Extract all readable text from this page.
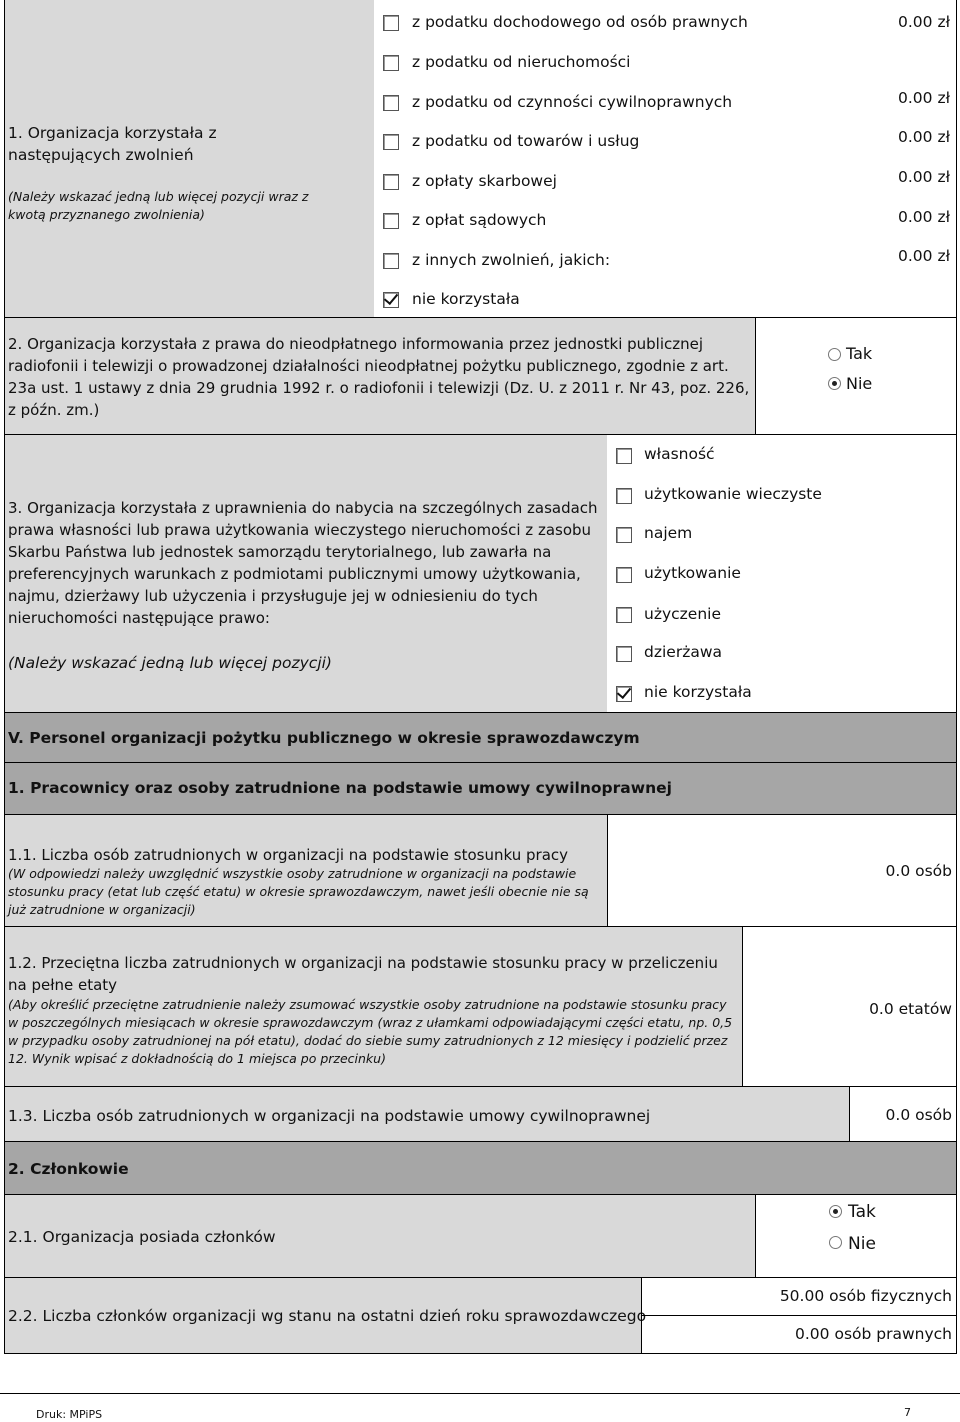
1. Organizacja korzystała z następujących zwolnień
(Należy wskazać jedną lub więcej pozycji wraz z kwotą przyznanego zwolnienia)
z podatku dochodowego od osób prawnych	0.00 zł
z podatku od nieruchomości
z podatku od czynności cywilnoprawnych	0.00 zł
z podatku od towarów i usług	0.00 zł
z opłaty skarbowej	0.00 zł
z opłat sądowych	0.00 zł
z innych zwolnień, jakich:	0.00 zł
nie korzystała
2. Organizacja korzystała z prawa do nieodpłatnego informowania przez jednostki publicznej radiofonii i telewizji o prowadzonej działalności nieodpłatnej pożytku publicznego, zgodnie z art. 23a ust. 1 ustawy z dnia 29 grudnia 1992 r. o radiofonii i telewizji (Dz. U. z 2011 r. Nr 43, poz. 226, z późn. zm.)
Tak
Nie
3. Organizacja korzystała z uprawnienia do nabycia na szczególnych zasadach prawa własności lub prawa użytkowania wieczystego nieruchomości z zasobu Skarbu Państwa lub jednostek samorządu terytorialnego, lub zawarła na preferencyjnych warunkach z podmiotami publicznymi umowy użytkowania, najmu, dzierżawy lub użyczenia i przysługuje jej w odniesieniu do tych nieruchomości następujące prawo:
(Należy wskazać jedną lub więcej pozycji)
własność
użytkowanie wieczyste
najem
użytkowanie
użyczenie
dzierżawa
nie korzystała
V. Personel organizacji pożytku publicznego w okresie sprawozdawczym
1. Pracownicy oraz osoby zatrudnione na podstawie umowy cywilnoprawnej
1.1. Liczba osób zatrudnionych w organizacji na podstawie stosunku pracy
(W odpowiedzi należy uwzględnić wszystkie osoby zatrudnione w organizacji na podstawie stosunku pracy (etat lub część etatu) w okresie sprawozdawczym, nawet jeśli obecnie nie są już zatrudnione w organizacji)
0.0 osób
1.2. Przeciętna liczba zatrudnionych w organizacji na podstawie stosunku pracy w przeliczeniu na pełne etaty
(Aby określić przeciętne zatrudnienie należy zsumować wszystkie osoby zatrudnione na podstawie stosunku pracy w poszczególnych miesiącach w okresie sprawozdawczym (wraz z ułamkami odpowiadającymi części etatu, np. 0,5 w przypadku osoby zatrudnionej na pół etatu), dodać do siebie sumy zatrudnionych z 12 miesięcy i podzielić przez 12. Wynik wpisać z dokładnością do 1 miejsca po przecinku)
0.0 etatów
1.3. Liczba osób zatrudnionych w organizacji na podstawie umowy cywilnoprawnej	0.0 osób
2. Członkowie
2.1. Organizacja posiada członków
Tak
Nie
2.2. Liczba członków organizacji wg stanu na ostatni dzień roku sprawozdawczego
50.00 osób fizycznych
0.00 osób prawnych
Druk: MPiPS	7
